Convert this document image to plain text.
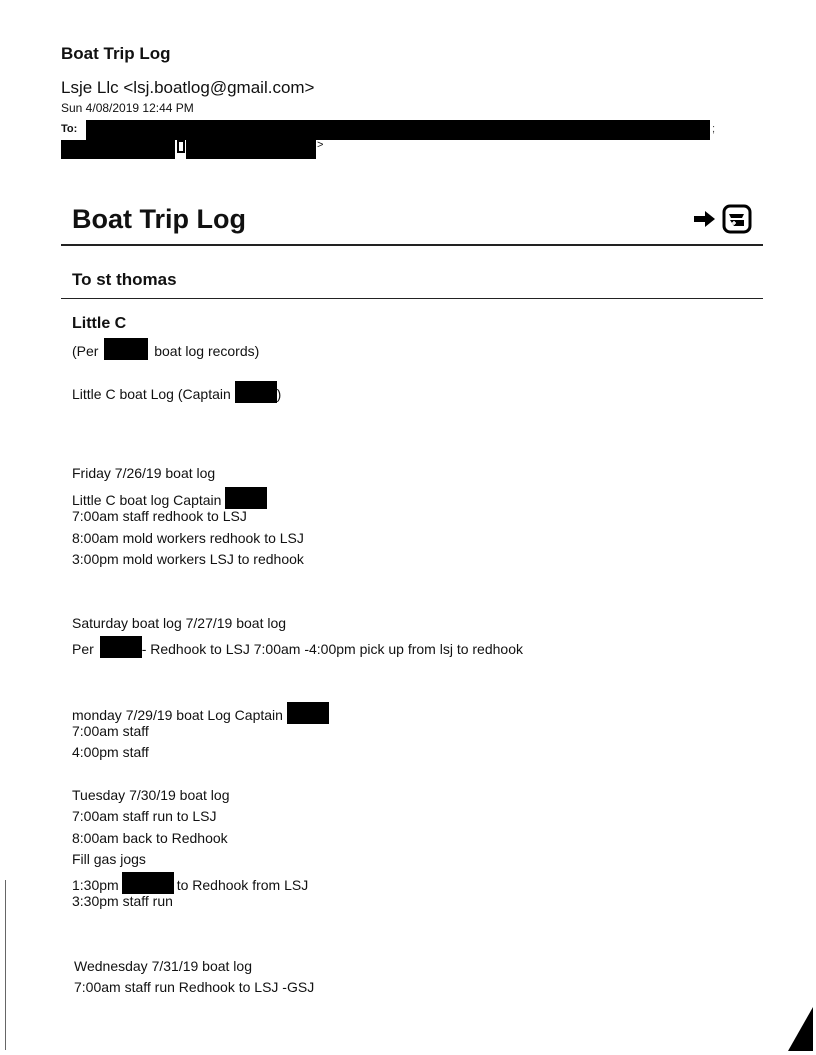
Boat Trip Log
Lsje Llc <lsj.boatlog@gmail.com>
Sun 4/08/2019 12:44 PM
To:	;
>
Boat Trip Log
To st thomas
Little C
(Per	boat log records)
Little C boat Log (Captain	)
Friday 7/26/19 boat log
Little C boat log Captain
7:00am staff redhook to LSJ
8:00am mold workers redhook to LSJ
3:00pm mold workers LSJ to redhook
Saturday boat log 7/27/19 boat log
Per	- Redhook to LSJ 7:00am -4:00pm pick up from lsj to redhook
monday 7/29/19 boat Log Captain
7:00am staff
4:00pm staff
Tuesday 7/30/19 boat log
7:00am staff run to LSJ
8:00am back to Redhook
Fill gas jogs
1:30pm	to Redhook from LSJ
3:30pm staff run
Wednesday 7/31/19 boat log
7:00am staff run Redhook to LSJ -GSJ
